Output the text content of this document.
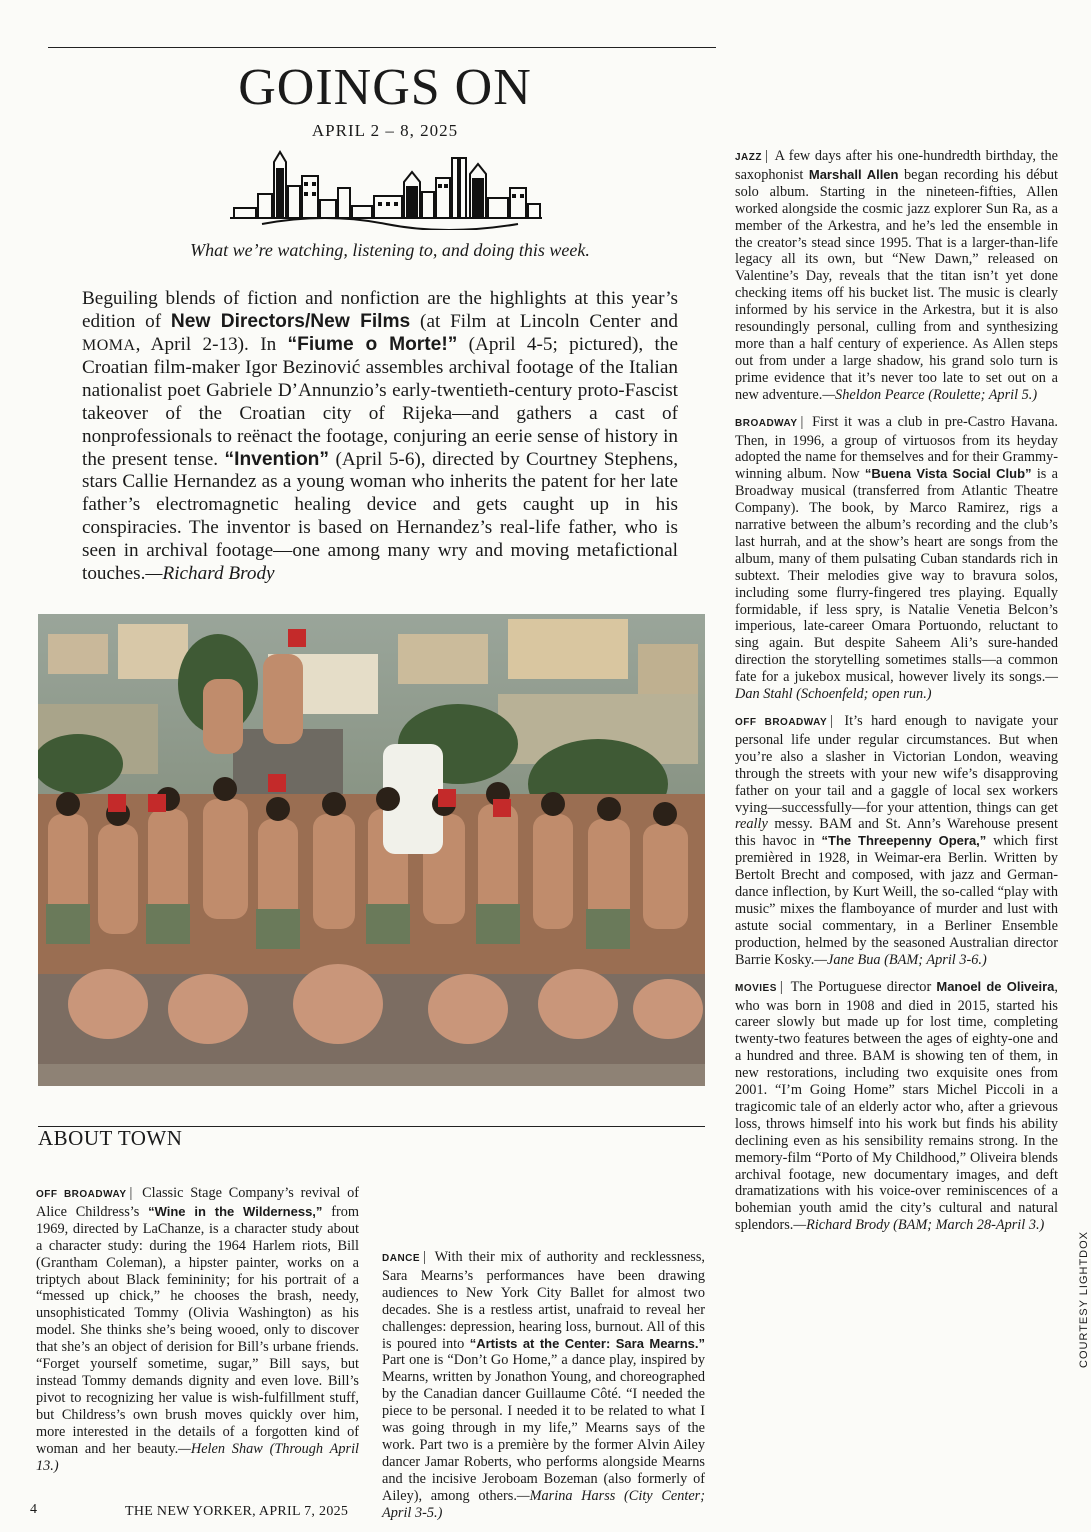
GOINGS ON
APRIL 2 – 8, 2025
What we’re watching, listening to, and doing this week.
Beguiling blends of fiction and nonfiction are the highlights at this year’s edition of New Directors/New Films (at Film at Lincoln Center and MOMA, April 2-13). In “Fiume o Morte!” (April 4-5; pictured), the Croatian film-maker Igor Bezinović assembles archival footage of the Italian nationalist poet Gabriele D’Annunzio’s early-twentieth-century proto-Fascist takeover of the Croatian city of Rijeka—and gathers a cast of nonprofessionals to reënact the footage, conjuring an eerie sense of history in the present tense. “Invention” (April 5-6), directed by Courtney Stephens, stars Callie Hernandez as a young woman who inherits the patent for her late father’s electromagnetic healing device and gets caught up in his conspiracies. The inventor is based on Hernandez’s real-life father, who is seen in archival footage—one among many wry and moving metafictional touches.—Richard Brody
ABOUT TOWN

OFF BROADWAY | Classic Stage Company’s revival of Alice Childress’s “Wine in the Wilderness,” from 1969, directed by LaChanze, is a character study about a character study: during the 1964 Harlem riots, Bill (Grantham Coleman), a hipster painter, works on a triptych about Black femininity; for his portrait of a “messed up chick,” he chooses the brash, needy, unsophisticated Tommy (Olivia Washington) as his model. She thinks she’s being wooed, only to discover that she’s an object of derision for Bill’s urbane friends. “Forget yourself sometime, sugar,” Bill says, but instead Tommy demands dignity and even love. Bill’s pivot to recognizing her value is wish-fulfillment stuff, but Childress’s own brush moves quickly over him, more interested in the details of a forgotten kind of woman and her beauty.—Helen Shaw (Through April 13.)

DANCE | With their mix of authority and recklessness, Sara Mearns’s performances have been drawing audiences to New York City Ballet for almost two decades. She is a restless artist, unafraid to reveal her challenges: depression, hearing loss, burnout. All of this is poured into “Artists at the Center: Sara Mearns.” Part one is “Don’t Go Home,” a dance play, inspired by Mearns, written by Jonathon Young, and choreographed by the Canadian dancer Guillaume Côté. “I needed the piece to be personal. I needed it to be related to what I was going through in my life,” Mearns says of the work. Part two is a première by the former Alvin Ailey dancer Jamar Roberts, who performs alongside Mearns and the incisive Jeroboam Bozeman (also formerly of Ailey), among others.—Marina Harss (City Center; April 3-5.)

JAZZ | A few days after his one-hundredth birthday, the saxophonist Marshall Allen began recording his début solo album. Starting in the nineteen-fifties, Allen worked alongside the cosmic jazz explorer Sun Ra, as a member of the Arkestra, and he’s led the ensemble in the creator’s stead since 1995. That is a larger-than-life legacy all its own, but “New Dawn,” released on Valentine’s Day, reveals that the titan isn’t yet done checking items off his bucket list. The music is clearly informed by his service in the Arkestra, but it is also resoundingly personal, culling from and synthesizing more than a half century of experience. As Allen steps out from under a large shadow, his grand solo turn is prime evidence that it’s never too late to set out on a new adventure.—Sheldon Pearce (Roulette; April 5.)

BROADWAY | First it was a club in pre-Castro Havana. Then, in 1996, a group of virtuosos from its heyday adopted the name for themselves and for their Grammy-winning album. Now “Buena Vista Social Club” is a Broadway musical (transferred from Atlantic Theatre Company). The book, by Marco Ramirez, rigs a narrative between the album’s recording and the club’s last hurrah, and at the show’s heart are songs from the album, many of them pulsating Cuban standards rich in subtext. Their melodies give way to bravura solos, including some flurry-fingered tres playing. Equally formidable, if less spry, is Natalie Venetia Belcon’s imperious, late-career Omara Portuondo, reluctant to sing again. But despite Saheem Ali’s sure-handed direction the storytelling sometimes stalls—a common fate for a jukebox musical, however lively its songs.—Dan Stahl (Schoenfeld; open run.)

OFF BROADWAY | It’s hard enough to navigate your personal life under regular circumstances. But when you’re also a slasher in Victorian London, weaving through the streets with your new wife’s disapproving father on your tail and a gaggle of local sex workers vying—successfully—for your attention, things can get really messy. BAM and St. Ann’s Warehouse present this havoc in “The Threepenny Opera,” which first premièred in 1928, in Weimar-era Berlin. Written by Bertolt Brecht and composed, with jazz and German-dance inflection, by Kurt Weill, the so-called “play with music” mixes the flamboyance of murder and lust with astute social commentary, in a Berliner Ensemble production, helmed by the seasoned Australian director Barrie Kosky.—Jane Bua (BAM; April 3-6.)

MOVIES | The Portuguese director Manoel de Oliveira, who was born in 1908 and died in 2015, started his career slowly but made up for lost time, completing twenty-two features between the ages of eighty-one and a hundred and three. BAM is showing ten of them, in new restorations, including two exquisite ones from 2001. “I’m Going Home” stars Michel Piccoli in a tragicomic tale of an elderly actor who, after a grievous loss, throws himself into his work but finds his ability declining even as his sensibility remains strong. In the memory-film “Porto of My Childhood,” Oliveira blends archival footage, new documentary images, and deft dramatizations with his voice-over reminiscences of a bohemian youth amid the city’s cultural and natural splendors.—Richard Brody (BAM; March 28-April 3.)

4	THE NEW YORKER, APRIL 7, 2025
COURTESY LIGHTDOX
